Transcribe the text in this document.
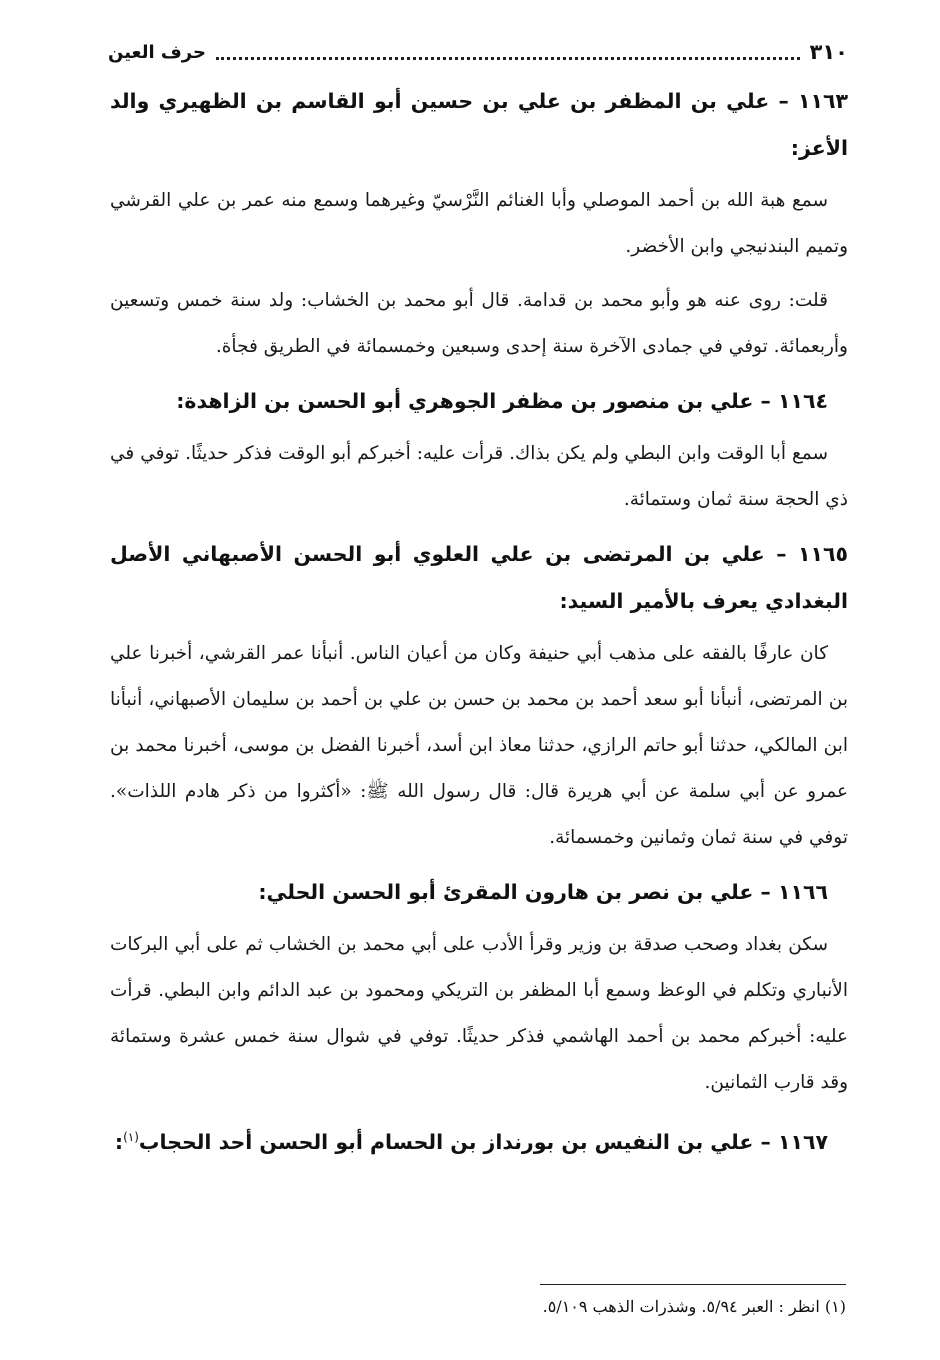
٣١٠
حرف العين

١١٦٣ – علي بن المظفر بن علي بن حسين أبو القاسم بن الظهيري والد الأعز:

سمع هبة الله بن أحمد الموصلي وأبا الغنائم النَّرْسيّ وغيرهما وسمع منه عمر بن علي القرشي وتميم البندنيجي وابن الأخضر.

قلت: روى عنه هو وأبو محمد بن قدامة. قال أبو محمد بن الخشاب: ولد سنة خمس وتسعين وأربعمائة. توفي في جمادى الآخرة سنة إحدى وسبعين وخمسمائة في الطريق فجأة.

١١٦٤ – علي بن منصور بن مظفر الجوهري أبو الحسن بن الزاهدة:

سمع أبا الوقت وابن البطي ولم يكن بذاك. قرأت عليه: أخبركم أبو الوقت فذكر حديثًا. توفي في ذي الحجة سنة ثمان وستمائة.

١١٦٥ – علي بن المرتضى بن علي العلوي أبو الحسن الأصبهاني الأصل البغدادي يعرف بالأمير السيد:

كان عارفًا بالفقه على مذهب أبي حنيفة وكان من أعيان الناس. أنبأنا عمر القرشي، أخبرنا علي بن المرتضى، أنبأنا أبو سعد أحمد بن محمد بن حسن بن علي بن أحمد بن سليمان الأصبهاني، أنبأنا ابن المالكي، حدثنا أبو حاتم الرازي، حدثنا معاذ ابن أسد، أخبرنا الفضل بن موسى، أخبرنا محمد بن عمرو عن أبي سلمة عن أبي هريرة قال: قال رسول الله ﷺ: «أكثروا من ذكر هادم اللذات». توفي في سنة ثمان وثمانين وخمسمائة.

١١٦٦ – علي بن نصر بن هارون المقرئ أبو الحسن الحلي:

سكن بغداد وصحب صدقة بن وزير وقرأ الأدب على أبي محمد بن الخشاب ثم على أبي البركات الأنباري وتكلم في الوعظ وسمع أبا المظفر بن التريكي ومحمود بن عبد الدائم وابن البطي. قرأت عليه: أخبركم محمد بن أحمد الهاشمي فذكر حديثًا. توفي في شوال سنة خمس عشرة وستمائة وقد قارب الثمانين.

١١٦٧ – علي بن النفيس بن بورنداز بن الحسام أبو الحسن أحد الحجاب$^{(١)}$:

(١) انظر : العبر ٥/٩٤. وشذرات الذهب ٥/١٠٩.
